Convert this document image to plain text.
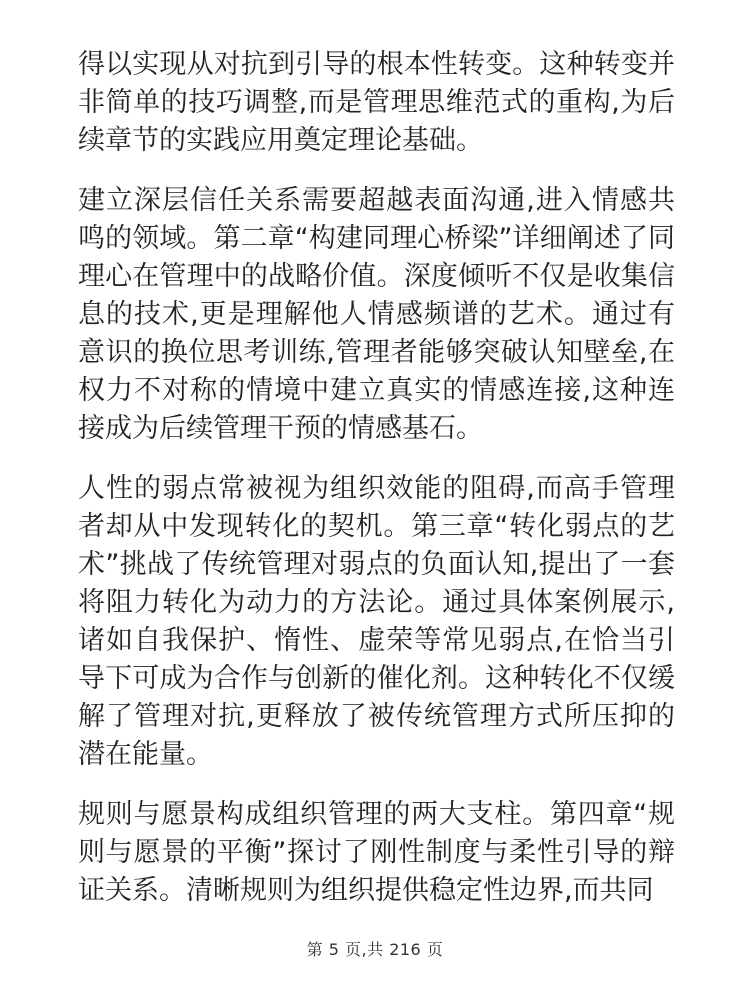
得以实现从对抗到引导的根本性转变。这种转变并非简单的技巧调整,而是管理思维范式的重构,为后续章节的实践应用奠定理论基础。

建立深层信任关系需要超越表面沟通,进入情感共鸣的领域。第二章“构建同理心桥梁”详细阐述了同理心在管理中的战略价值。深度倾听不仅是收集信息的技术,更是理解他人情感频谱的艺术。通过有意识的换位思考训练,管理者能够突破认知壁垒,在权力不对称的情境中建立真实的情感连接,这种连接成为后续管理干预的情感基石。

人性的弱点常被视为组织效能的阻碍,而高手管理者却从中发现转化的契机。第三章“转化弱点的艺术”挑战了传统管理对弱点的负面认知,提出了一套将阻力转化为动力的方法论。通过具体案例展示,诸如自我保护、惰性、虚荣等常见弱点,在恰当引导下可成为合作与创新的催化剂。这种转化不仅缓解了管理对抗,更释放了被传统管理方式所压抑的潜在能量。

规则与愿景构成组织管理的两大支柱。第四章“规则与愿景的平衡”探讨了刚性制度与柔性引导的辩证关系。清晰规则为组织提供稳定性边界,而共同

第 5 页,共 216 页
